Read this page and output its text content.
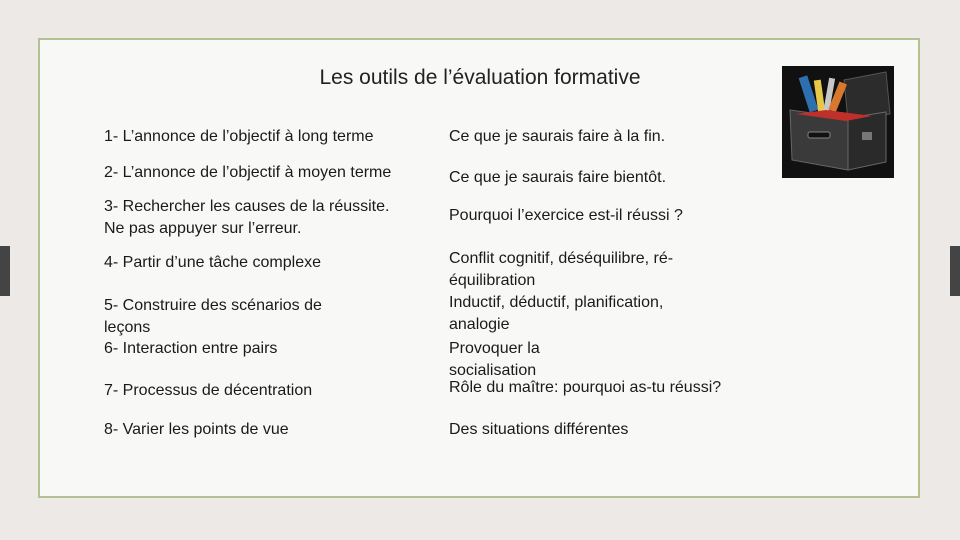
Les outils de l’évaluation formative
1- L’annonce de l’objectif à long terme
2- L’annonce de l’objectif à moyen terme
3- Rechercher les causes de la réussite. Ne pas appuyer sur l’erreur.
4- Partir d’une tâche complexe
5- Construire des scénarios de leçons
6- Interaction entre pairs
7- Processus de décentration
8- Varier les points de vue
Ce que je saurais faire à la fin.
Ce que je saurais faire bientôt.
Pourquoi l’exercice est-il réussi ?
Conflit cognitif, déséquilibre, ré-équilibration
Inductif, déductif, planification, analogie
Provoquer la socialisation
Rôle du maître: pourquoi as-tu réussi?
Des situations différentes
